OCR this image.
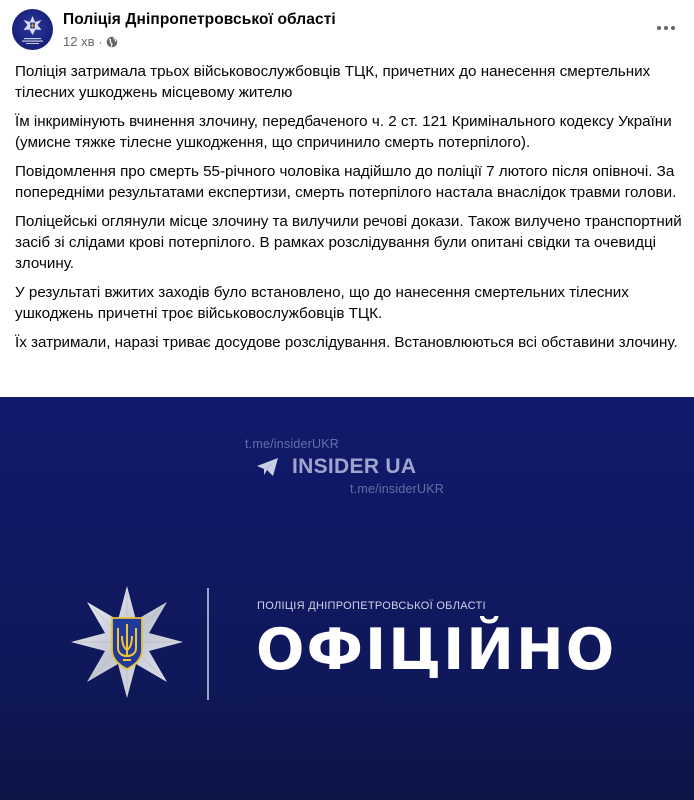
Поліція Дніпропетровської області
12 хв ·

Поліція затримала трьох військовослужбовців ТЦК, причетних до нанесення смертельних тілесних ушкоджень місцевому жителю

Їм інкримінують вчинення злочину, передбаченого ч. 2 ст. 121 Кримінального кодексу України (умисне тяжке тілесне ушкодження, що спричинило смерть потерпілого).

Повідомлення про смерть 55-річного чоловіка надійшло до поліції 7 лютого після опівночі. За попередніми результатами експертизи, смерть потерпілого настала внаслідок травми голови.

Поліцейські оглянули місце злочину та вилучили речові докази. Також вилучено транспортний засіб зі слідами крові потерпілого. В рамках розслідування були опитані свідки та очевидці злочину.

У результаті вжитих заходів було встановлено, що до нанесення смертельних тілесних ушкоджень причетні троє військовослужбовців ТЦК.

Їх затримали, наразі триває досудове розслідування. Встановлюються всі обставини злочину.

t.me/insiderUKR
INSIDER UA
t.me/insiderUKR
ПОЛІЦІЯ ДНІПРОПЕТРОВСЬКОЇ ОБЛАСТІ
ОФІЦІЙНО
